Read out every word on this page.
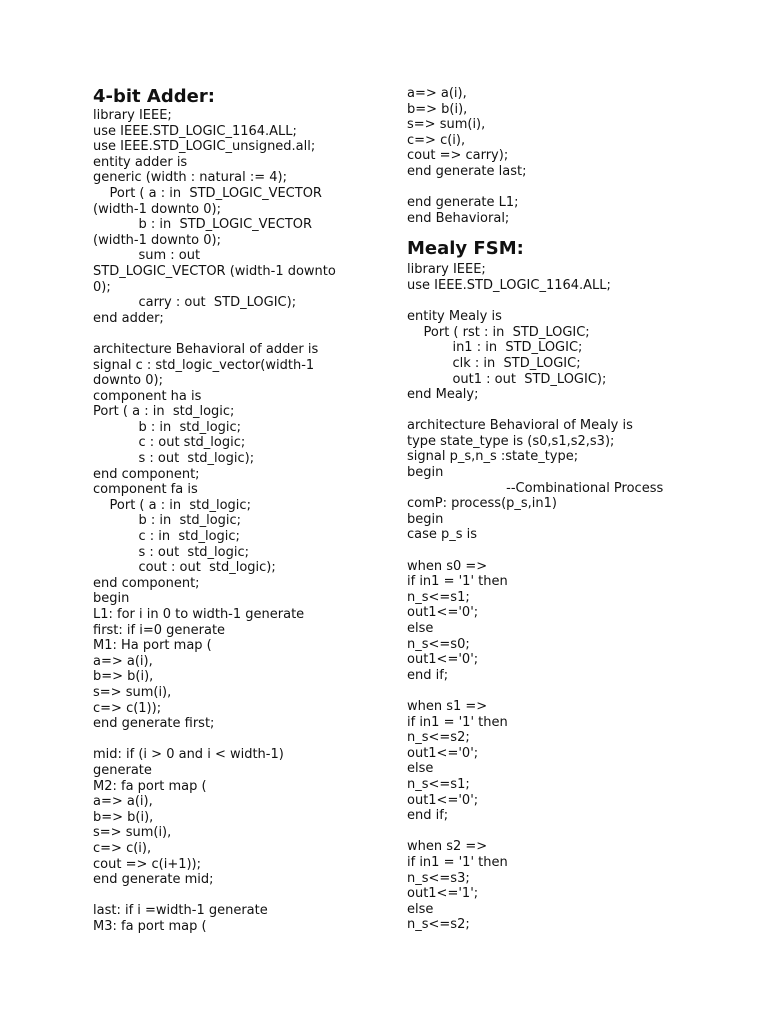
4-bit Adder:
library IEEE;
use IEEE.STD_LOGIC_1164.ALL;
use IEEE.STD_LOGIC_unsigned.all;
entity adder is
generic (width : natural := 4);
Port ( a : in  STD_LOGIC_VECTOR
(width-1 downto 0);
b : in  STD_LOGIC_VECTOR
(width-1 downto 0);
sum : out
STD_LOGIC_VECTOR (width-1 downto
0);
carry : out  STD_LOGIC);
end adder;
architecture Behavioral of adder is
signal c : std_logic_vector(width-1
downto 0);
component ha is
Port ( a : in  std_logic;
b : in  std_logic;
c : out std_logic;
s : out  std_logic);
end component;
component fa is
Port ( a : in  std_logic;
b : in  std_logic;
c : in  std_logic;
s : out  std_logic;
cout : out  std_logic);
end component;
begin
L1: for i in 0 to width-1 generate
first: if i=0 generate
M1: Ha port map (
a=> a(i),
b=> b(i),
s=> sum(i),
c=> c(1));
end generate first;
mid: if (i > 0 and i < width-1)
generate
M2: fa port map (
a=> a(i),
b=> b(i),
s=> sum(i),
c=> c(i),
cout => c(i+1));
end generate mid;
last: if i =width-1 generate
M3: fa port map (
a=> a(i),
b=> b(i),
s=> sum(i),
c=> c(i),
cout => carry);
end generate last;
end generate L1;
end Behavioral;
Mealy FSM:
library IEEE;
use IEEE.STD_LOGIC_1164.ALL;
entity Mealy is
Port ( rst : in  STD_LOGIC;
in1 : in  STD_LOGIC;
clk : in  STD_LOGIC;
out1 : out  STD_LOGIC);
end Mealy;
architecture Behavioral of Mealy is
type state_type is (s0,s1,s2,s3);
signal p_s,n_s :state_type;
begin
--Combinational Process
comP: process(p_s,in1)
begin
case p_s is
when s0 =>
if in1 = '1' then
n_s<=s1;
out1<='0';
else
n_s<=s0;
out1<='0';
end if;
when s1 =>
if in1 = '1' then
n_s<=s2;
out1<='0';
else
n_s<=s1;
out1<='0';
end if;
when s2 =>
if in1 = '1' then
n_s<=s3;
out1<='1';
else
n_s<=s2;
